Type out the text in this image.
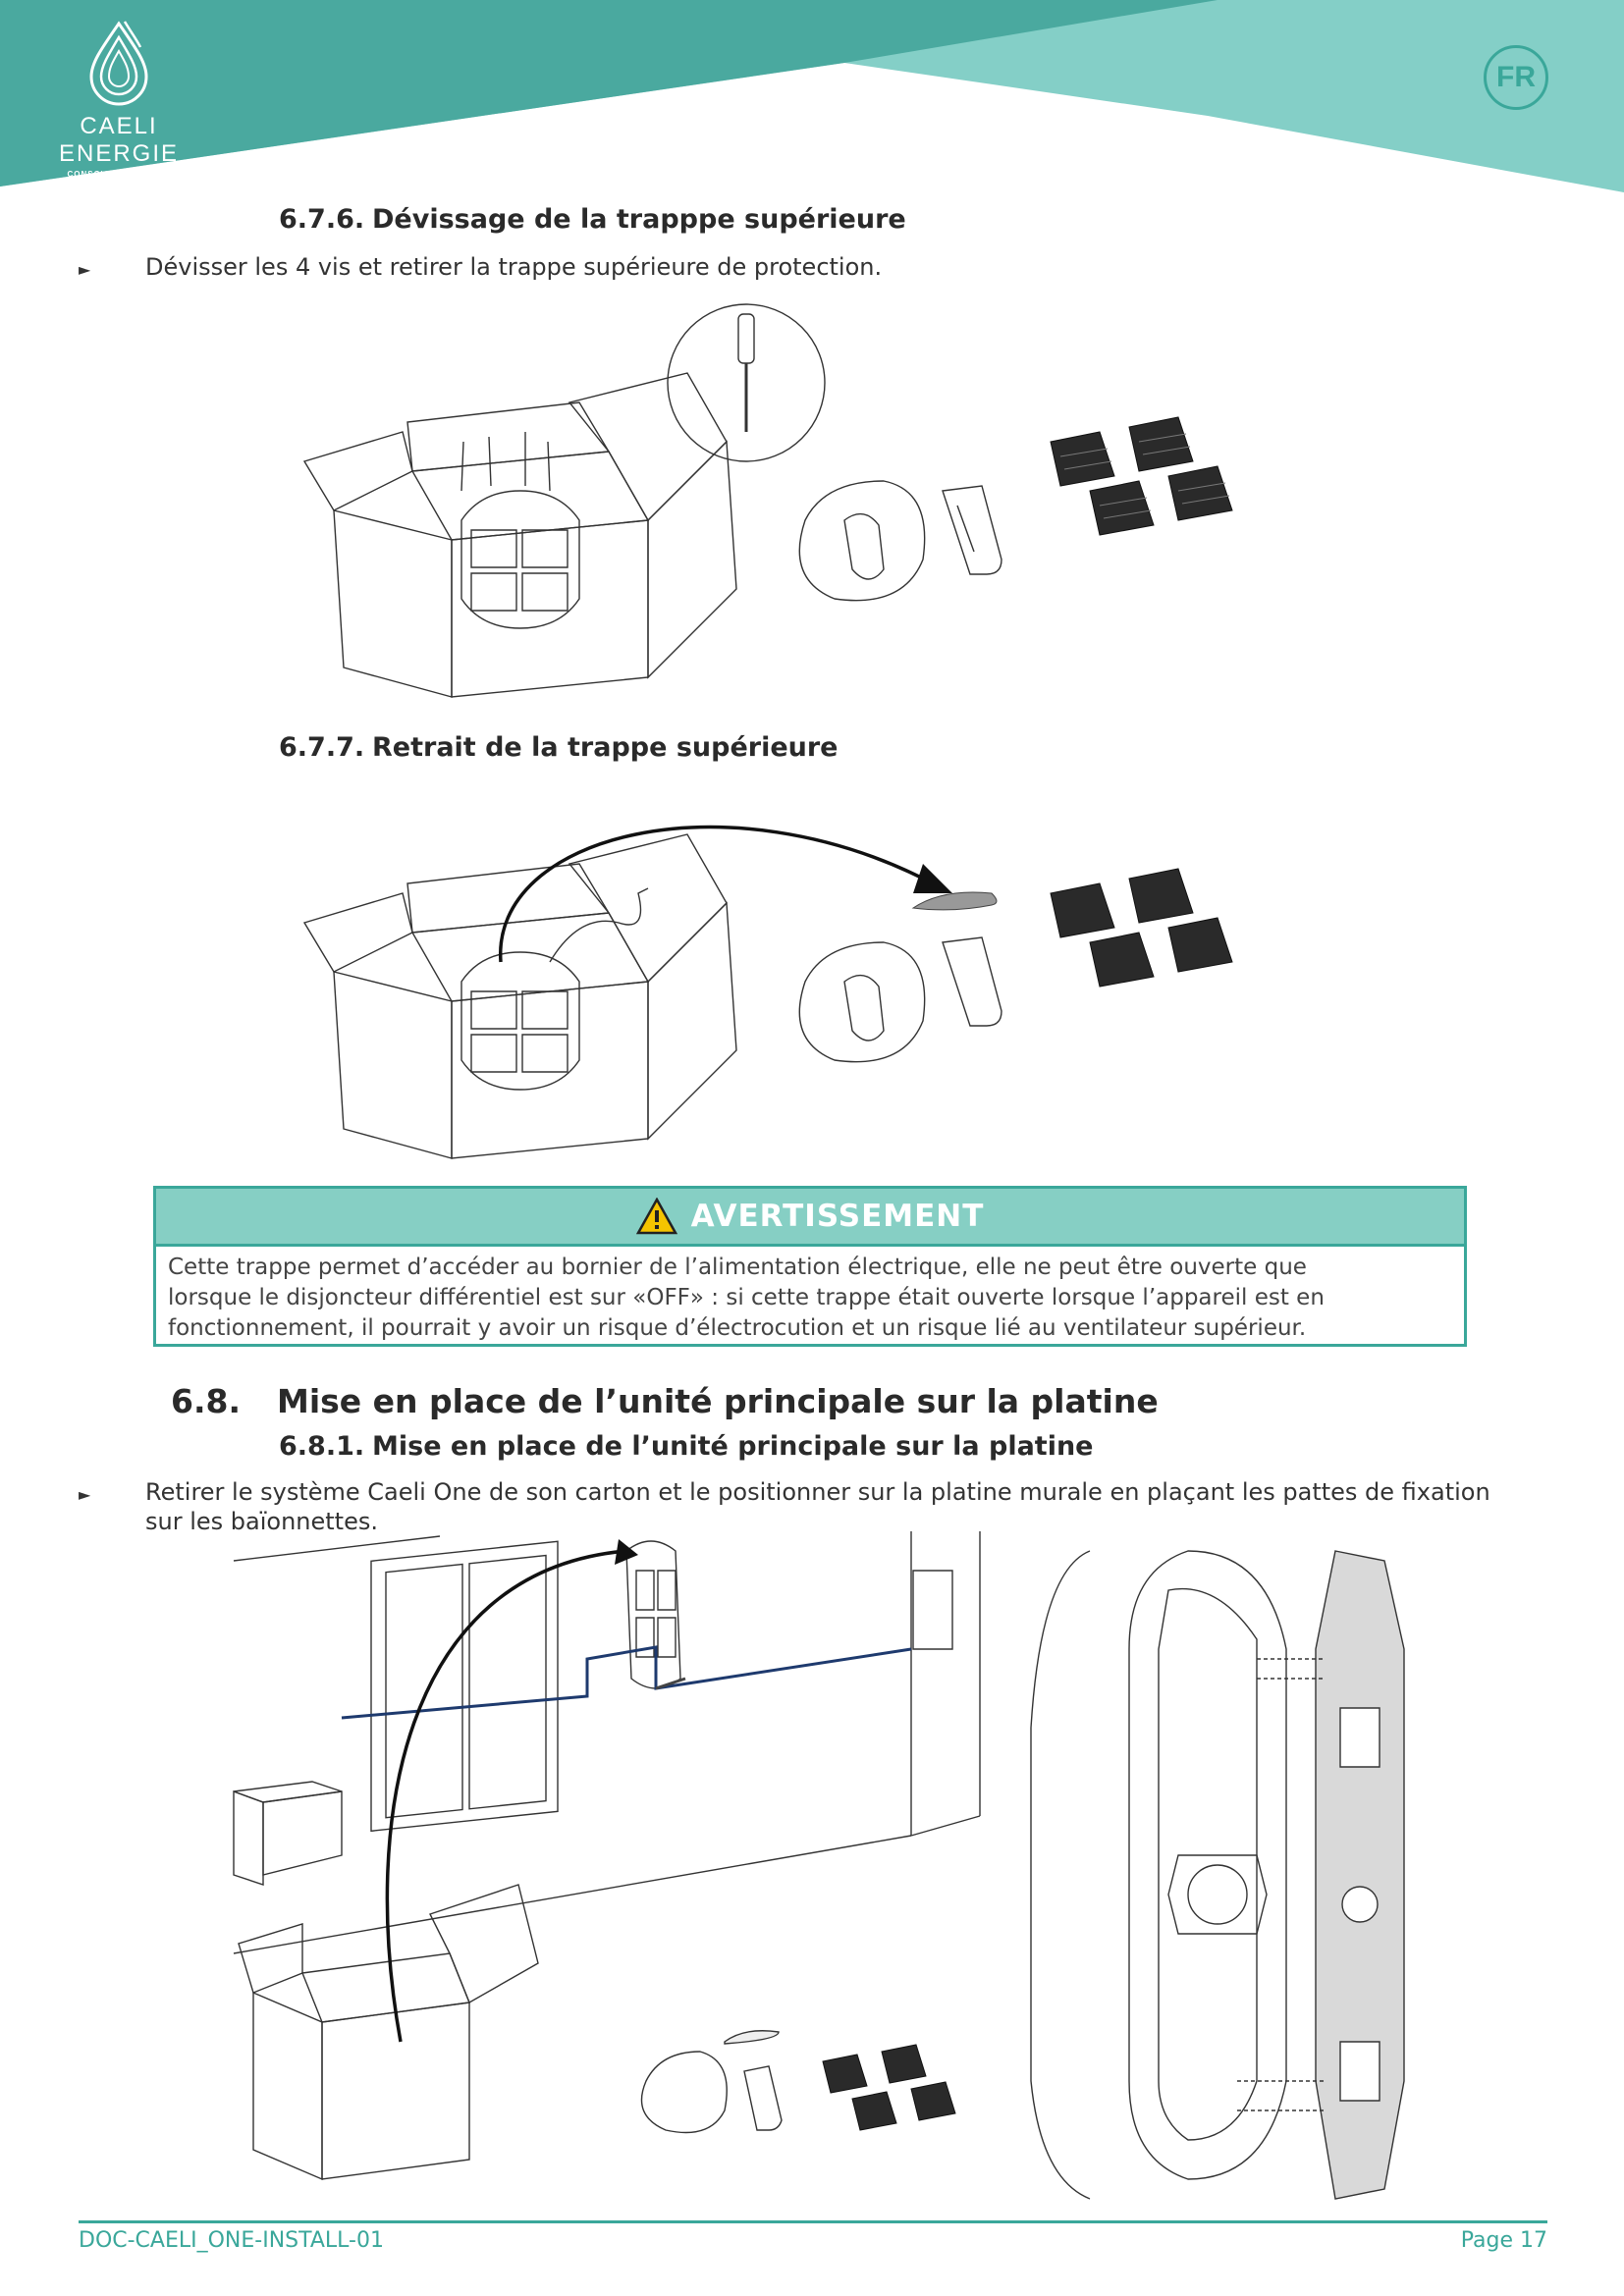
CAELI ENERGIE
CONSCIOUS COOLING
FR
6.7.6. Dévissage de la trapppe supérieure
► Dévisser les 4 vis et retirer la trappe supérieure de protection.
6.7.7. Retrait de la trappe supérieure
AVERTISSEMENT
Cette trappe permet d’accéder au bornier de l’alimentation électrique, elle ne peut être ouverte que
lorsque le disjoncteur différentiel est sur «OFF» : si cette trappe était ouverte lorsque l’appareil est en
fonctionnement, il pourrait y avoir un risque d’électrocution et un risque lié au ventilateur supérieur.
6.8. Mise en place de l’unité principale sur la platine
6.8.1. Mise en place de l’unité principale sur la platine
► Retirer le système Caeli One de son carton et le positionner sur la platine murale en plaçant les pattes de fixation
sur les baïonnettes.
DOC-CAELI_ONE-INSTALL-01	Page 17
